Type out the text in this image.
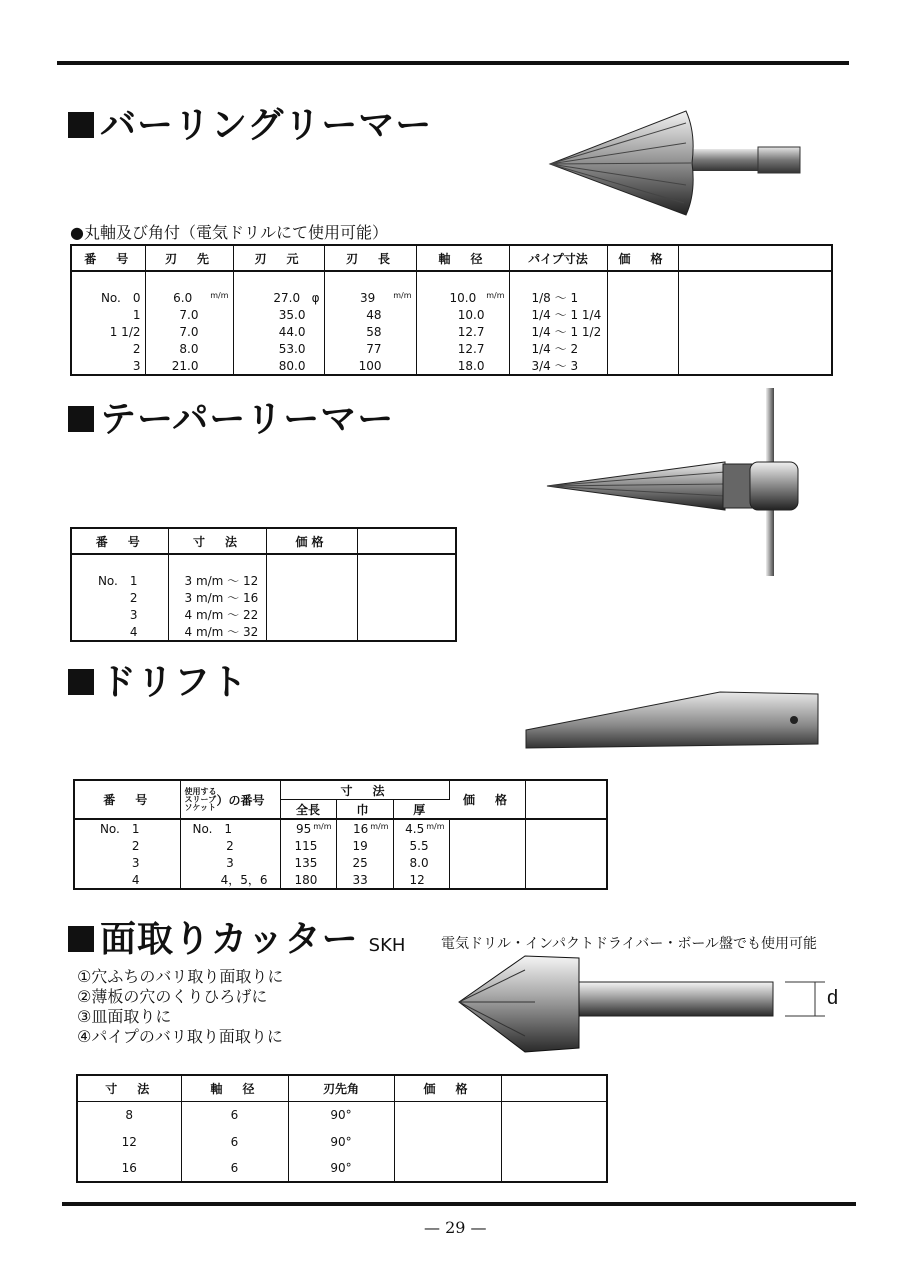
バーリングリーマー
●丸軸及び角付（電気ドリルにて使用可能）
番　号	刃　先	刃　元	刃　長	軸　径	パイプ寸法	価　格	

No.　0	6.0 $^{m/m}$	27.0 φ	39 $^{m/m}$	10.0 $^{m/m}$	1/8 ～ 1		
1	7.0	35.0	48	10.0	1/4 ～ 1 1/4		
1 1/2	7.0	44.0	58	12.7	1/4 ～ 1 1/2		
2	8.0	53.0	77	12.7	1/4 ～ 2		
3	21.0	80.0	100	18.0	3/4 ～ 3		
テーパーリーマー
番　号	寸　法	価格	

No.　1	3 m/m ～ 12		
2	3 m/m ～ 16		
3	4 m/m ～ 22		
4	4 m/m ～ 32		
ドリフト
番　号	使用する
スリーブ
ソケット）の番号	寸　法			価　格	
		全長	巾	厚		
No.　1	No.　1	95 $^{m/m}$	16 $^{m/m}$	4.5 $^{m/m}$		
2	2	115	19	5.5		
3	3	135	25	8.0		
4	4，5，6	180	33	12		
面取りカッター SKH	電気ドリル・インパクトドライバー・ボール盤でも使用可能
①穴ふちのバリ取り面取りに
②薄板の穴のくりひろげに
③皿面取りに
④パイプのバリ取り面取りに
d
寸　法	軸　径	刃先角	価　格	
8	6	90°		
12	6	90°		
16	6	90°		
— 29 —
